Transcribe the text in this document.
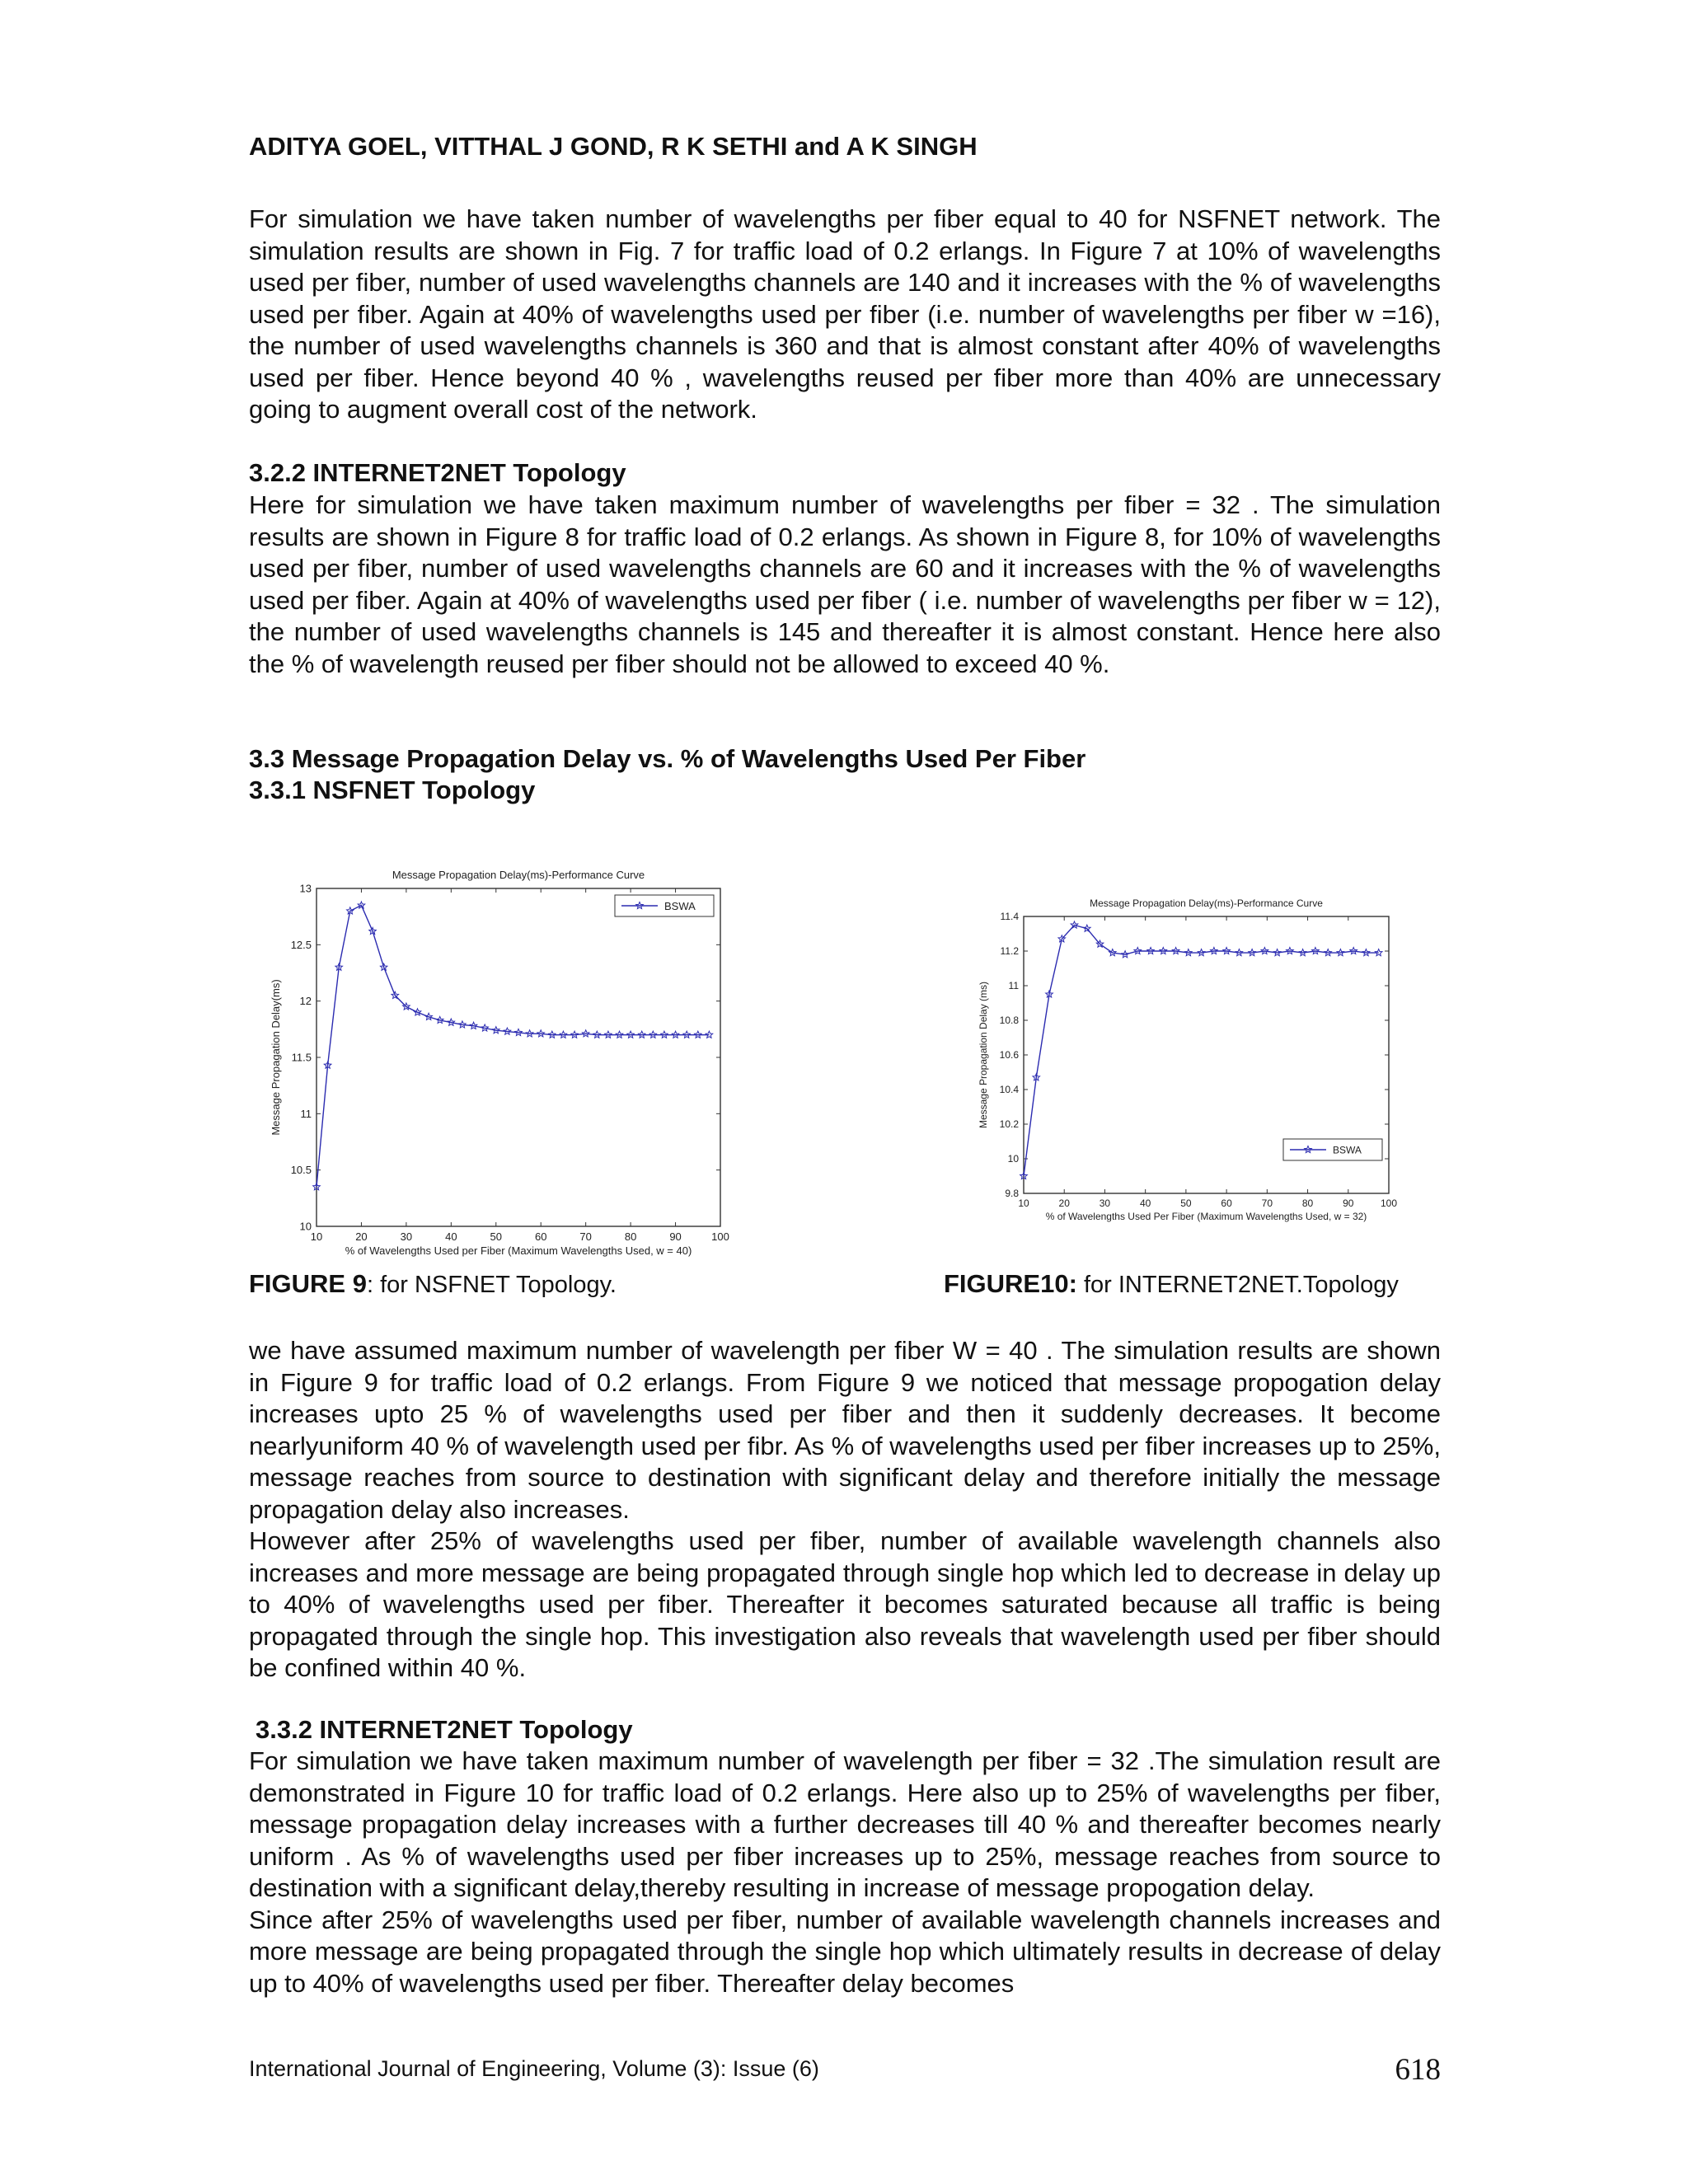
ADITYA GOEL, VITTHAL J GOND, R K SETHI and A K SINGH
For simulation we have taken number of wavelengths per fiber equal to 40 for NSFNET network. The simulation results are shown in Fig. 7 for traffic load of 0.2 erlangs. In Figure 7 at 10% of wavelengths used per fiber, number of used wavelengths channels are 140 and it increases with the % of wavelengths used per fiber. Again at 40% of wavelengths used per fiber (i.e. number of wavelengths per fiber w =16), the number of used wavelengths channels is 360 and that is almost constant after 40% of wavelengths used per fiber. Hence beyond 40 % , wavelengths reused per fiber more than 40% are unnecessary going to augment overall cost of the network.
3.2.2 INTERNET2NET Topology
Here for simulation we have taken maximum number of wavelengths per fiber = 32 . The simulation results are shown in Figure 8 for traffic load of 0.2 erlangs. As shown in Figure 8, for 10% of wavelengths used per fiber, number of used wavelengths channels are 60 and it increases with the % of wavelengths used per fiber. Again at 40% of wavelengths used per fiber ( i.e. number of wavelengths per fiber w = 12), the number of used wavelengths channels is 145 and thereafter it is almost constant. Hence here also the % of wavelength reused per fiber should not be allowed to exceed 40 %.
3.3 Message Propagation Delay vs. % of Wavelengths Used Per Fiber
3.3.1 NSFNET Topology
Message Propagation Delay(ms)-Performance Curve
10	20	30	40	50	60	70	80	90	100
10
10.5
11
11.5
12
12.5
13
% of Wavelengths Used per Fiber (Maximum Wavelengths Used, w = 40)
Message Propagation Delay(ms)
BSWA	Message Propagation Delay(ms)-Performance Curve
10	20	30	40	50	60	70	80	90	100
9.8
10
10.2
10.4
10.6
10.8
11
11.2
11.4
% of Wavelengths Used Per Fiber (Maximum Wavelengths Used, w = 32)
Message Propagation Delay (ms)
BSWA
FIGURE 9: for NSFNET Topology.	FIGURE10: for INTERNET2NET.Topology

we have assumed maximum number of wavelength per fiber W = 40 . The simulation results are shown in Figure 9 for traffic load of 0.2 erlangs. From Figure 9 we noticed that message propogation delay increases upto 25 % of wavelengths used per fiber and then it suddenly decreases. It become nearlyuniform 40 % of wavelength used per fibr. As % of wavelengths used per fiber increases up to 25%, message reaches from source to destination with significant delay and therefore initially the message propagation delay also increases.

However after 25% of wavelengths used per fiber, number of available wavelength channels also increases and more message are being propagated through single hop which led to decrease in delay up to 40% of wavelengths used per fiber. Thereafter it becomes saturated because all traffic is being propagated through the single hop. This investigation also reveals that wavelength used per fiber should be confined within 40 %.

3.3.2 INTERNET2NET Topology

For simulation we have taken maximum number of wavelength per fiber = 32 .The simulation result are demonstrated in Figure 10 for traffic load of 0.2 erlangs. Here also up to 25% of wavelengths per fiber, message propagation delay increases with a further decreases till 40 % and thereafter becomes nearly uniform . As % of wavelengths used per fiber increases up to 25%, message reaches from source to destination with a significant delay,thereby resulting in increase of message propogation delay.

Since after 25% of wavelengths used per fiber, number of available wavelength channels increases and more message are being propagated through the single hop which ultimately results in decrease of delay up to 40% of wavelengths used per fiber. Thereafter delay becomes

International Journal of Engineering, Volume (3): Issue (6)	618
